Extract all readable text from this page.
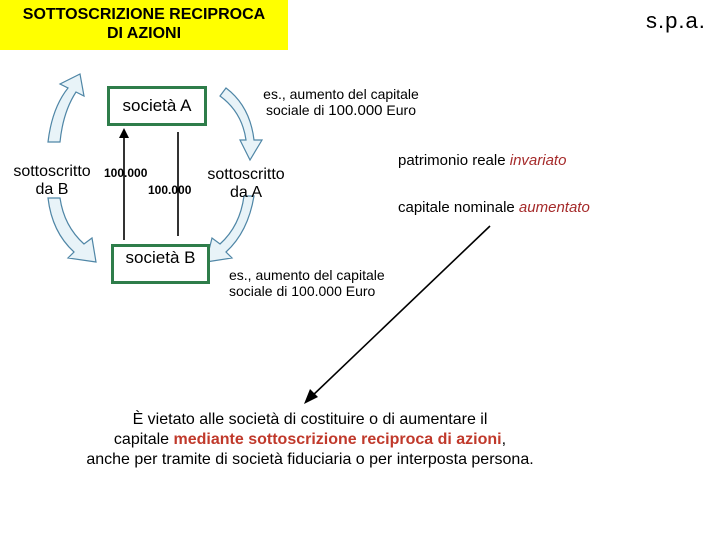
SOTTOSCRIZIONE RECIPROCA
DI AZIONI
s.p.a.
società A
società B
sottoscritto
da B
100.000
100.000
sottoscritto
da A
es., aumento del capitale
sociale di 100.000 Euro
es., aumento del capitale
sociale di 100.000 Euro
patrimonio reale invariato
capitale nominale aumentato
È vietato alle società di costituire o di aumentare il
capitale mediante sottoscrizione reciproca di azioni,
anche per tramite di società fiduciaria o per interposta persona.
